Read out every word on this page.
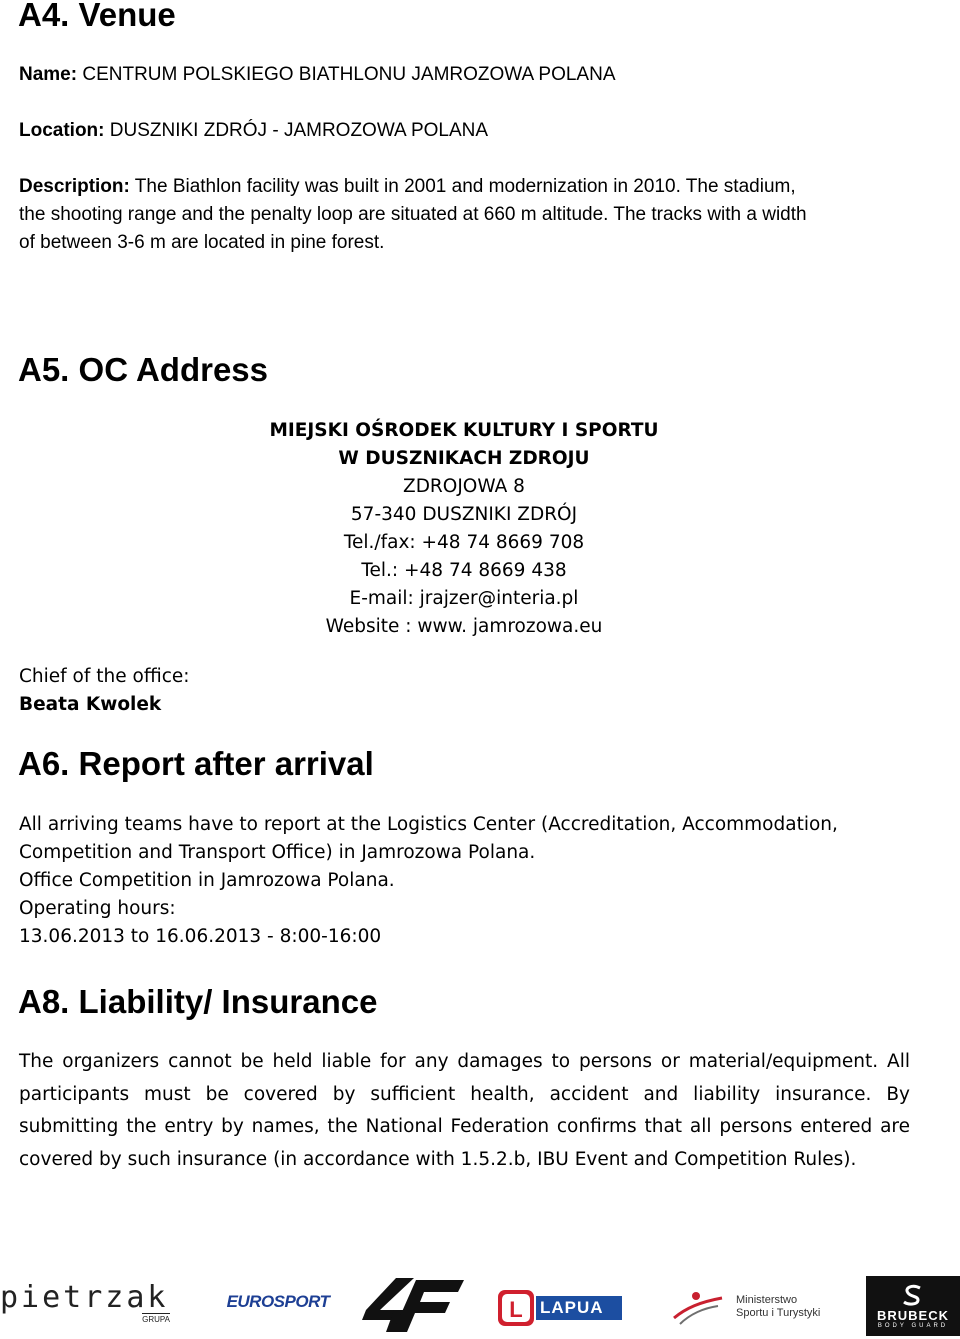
A4. Venue
Name: CENTRUM POLSKIEGO BIATHLONU JAMROZOWA POLANA
Location: DUSZNIKI ZDRÓJ - JAMROZOWA POLANA
Description: The Biathlon facility was built in 2001 and modernization in 2010. The stadium,
the shooting range and the penalty loop are situated at 660 m altitude. The tracks with a width
of between 3-6 m are located in pine forest.
A5. OC Address
MIEJSKI OŚRODEK KULTURY I SPORTU
W DUSZNIKACH ZDROJU
ZDROJOWA 8
57-340 DUSZNIKI ZDRÓJ
Tel./fax: +48 74 8669 708
Tel.: +48 74 8669 438
E-mail: jrajzer@interia.pl
Website : www. jamrozowa.eu
Chief of the office:
Beata Kwolek
A6. Report after arrival
All arriving teams have to report at the Logistics Center (Accreditation, Accommodation,
Competition and Transport Office) in Jamrozowa Polana.
Office Competition in Jamrozowa Polana.
Operating hours:
13.06.2013 to 16.06.2013 - 8:00-16:00
A8. Liability/ Insurance
The organizers cannot be held liable for any damages to persons or material/equipment. All participants must be covered by sufficient health, accident and liability insurance. By submitting the entry by names, the National Federation confirms that all persons entered are covered by such insurance (in accordance with 1.5.2.b, IBU Event and Competition Rules).
pietrzak
GRUPA
EUROSPORT	L LAPUA	Ministerstwo
Sportu i Turystyki	BRUBECK
BODY GUARD
